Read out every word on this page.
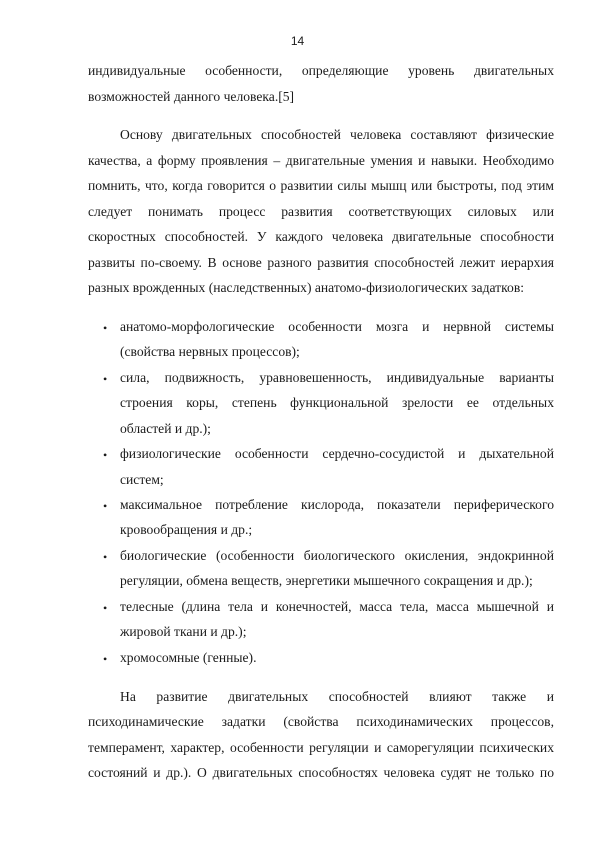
14
индивидуальные особенности, определяющие уровень двигательных
возможностей данного человека.[5]
Основу двигательных способностей человека составляют физические
качества, а форму проявления – двигательные умения и навыки. Необходимо
помнить, что, когда говорится о развитии силы мышц или быстроты, под этим
следует понимать процесс развития соответствующих силовых или
скоростных способностей. У каждого человека двигательные способности
развиты по-своему. В основе разного развития способностей лежит иерархия
разных врожденных (наследственных) анатомо-физиологических задатков:
• анатомо-морфологические особенности мозга и нервной системы
(свойства нервных процессов);
• сила, подвижность, уравновешенность, индивидуальные варианты
строения коры, степень функциональной зрелости ее отдельных
областей и др.);
• физиологические особенности сердечно-сосудистой и дыхательной
систем;
• максимальное потребление кислорода, показатели периферического
кровообращения и др.;
• биологические (особенности биологического окисления, эндокринной
регуляции, обмена веществ, энергетики мышечного сокращения и др.);
• телесные (длина тела и конечностей, масса тела, масса мышечной и
жировой ткани и др.);
• хромосомные (генные).
На развитие двигательных способностей влияют также и
психодинамические задатки (свойства психодинамических процессов,
темперамент, характер, особенности регуляции и саморегуляции психических
состояний и др.). О двигательных способностях человека судят не только по
